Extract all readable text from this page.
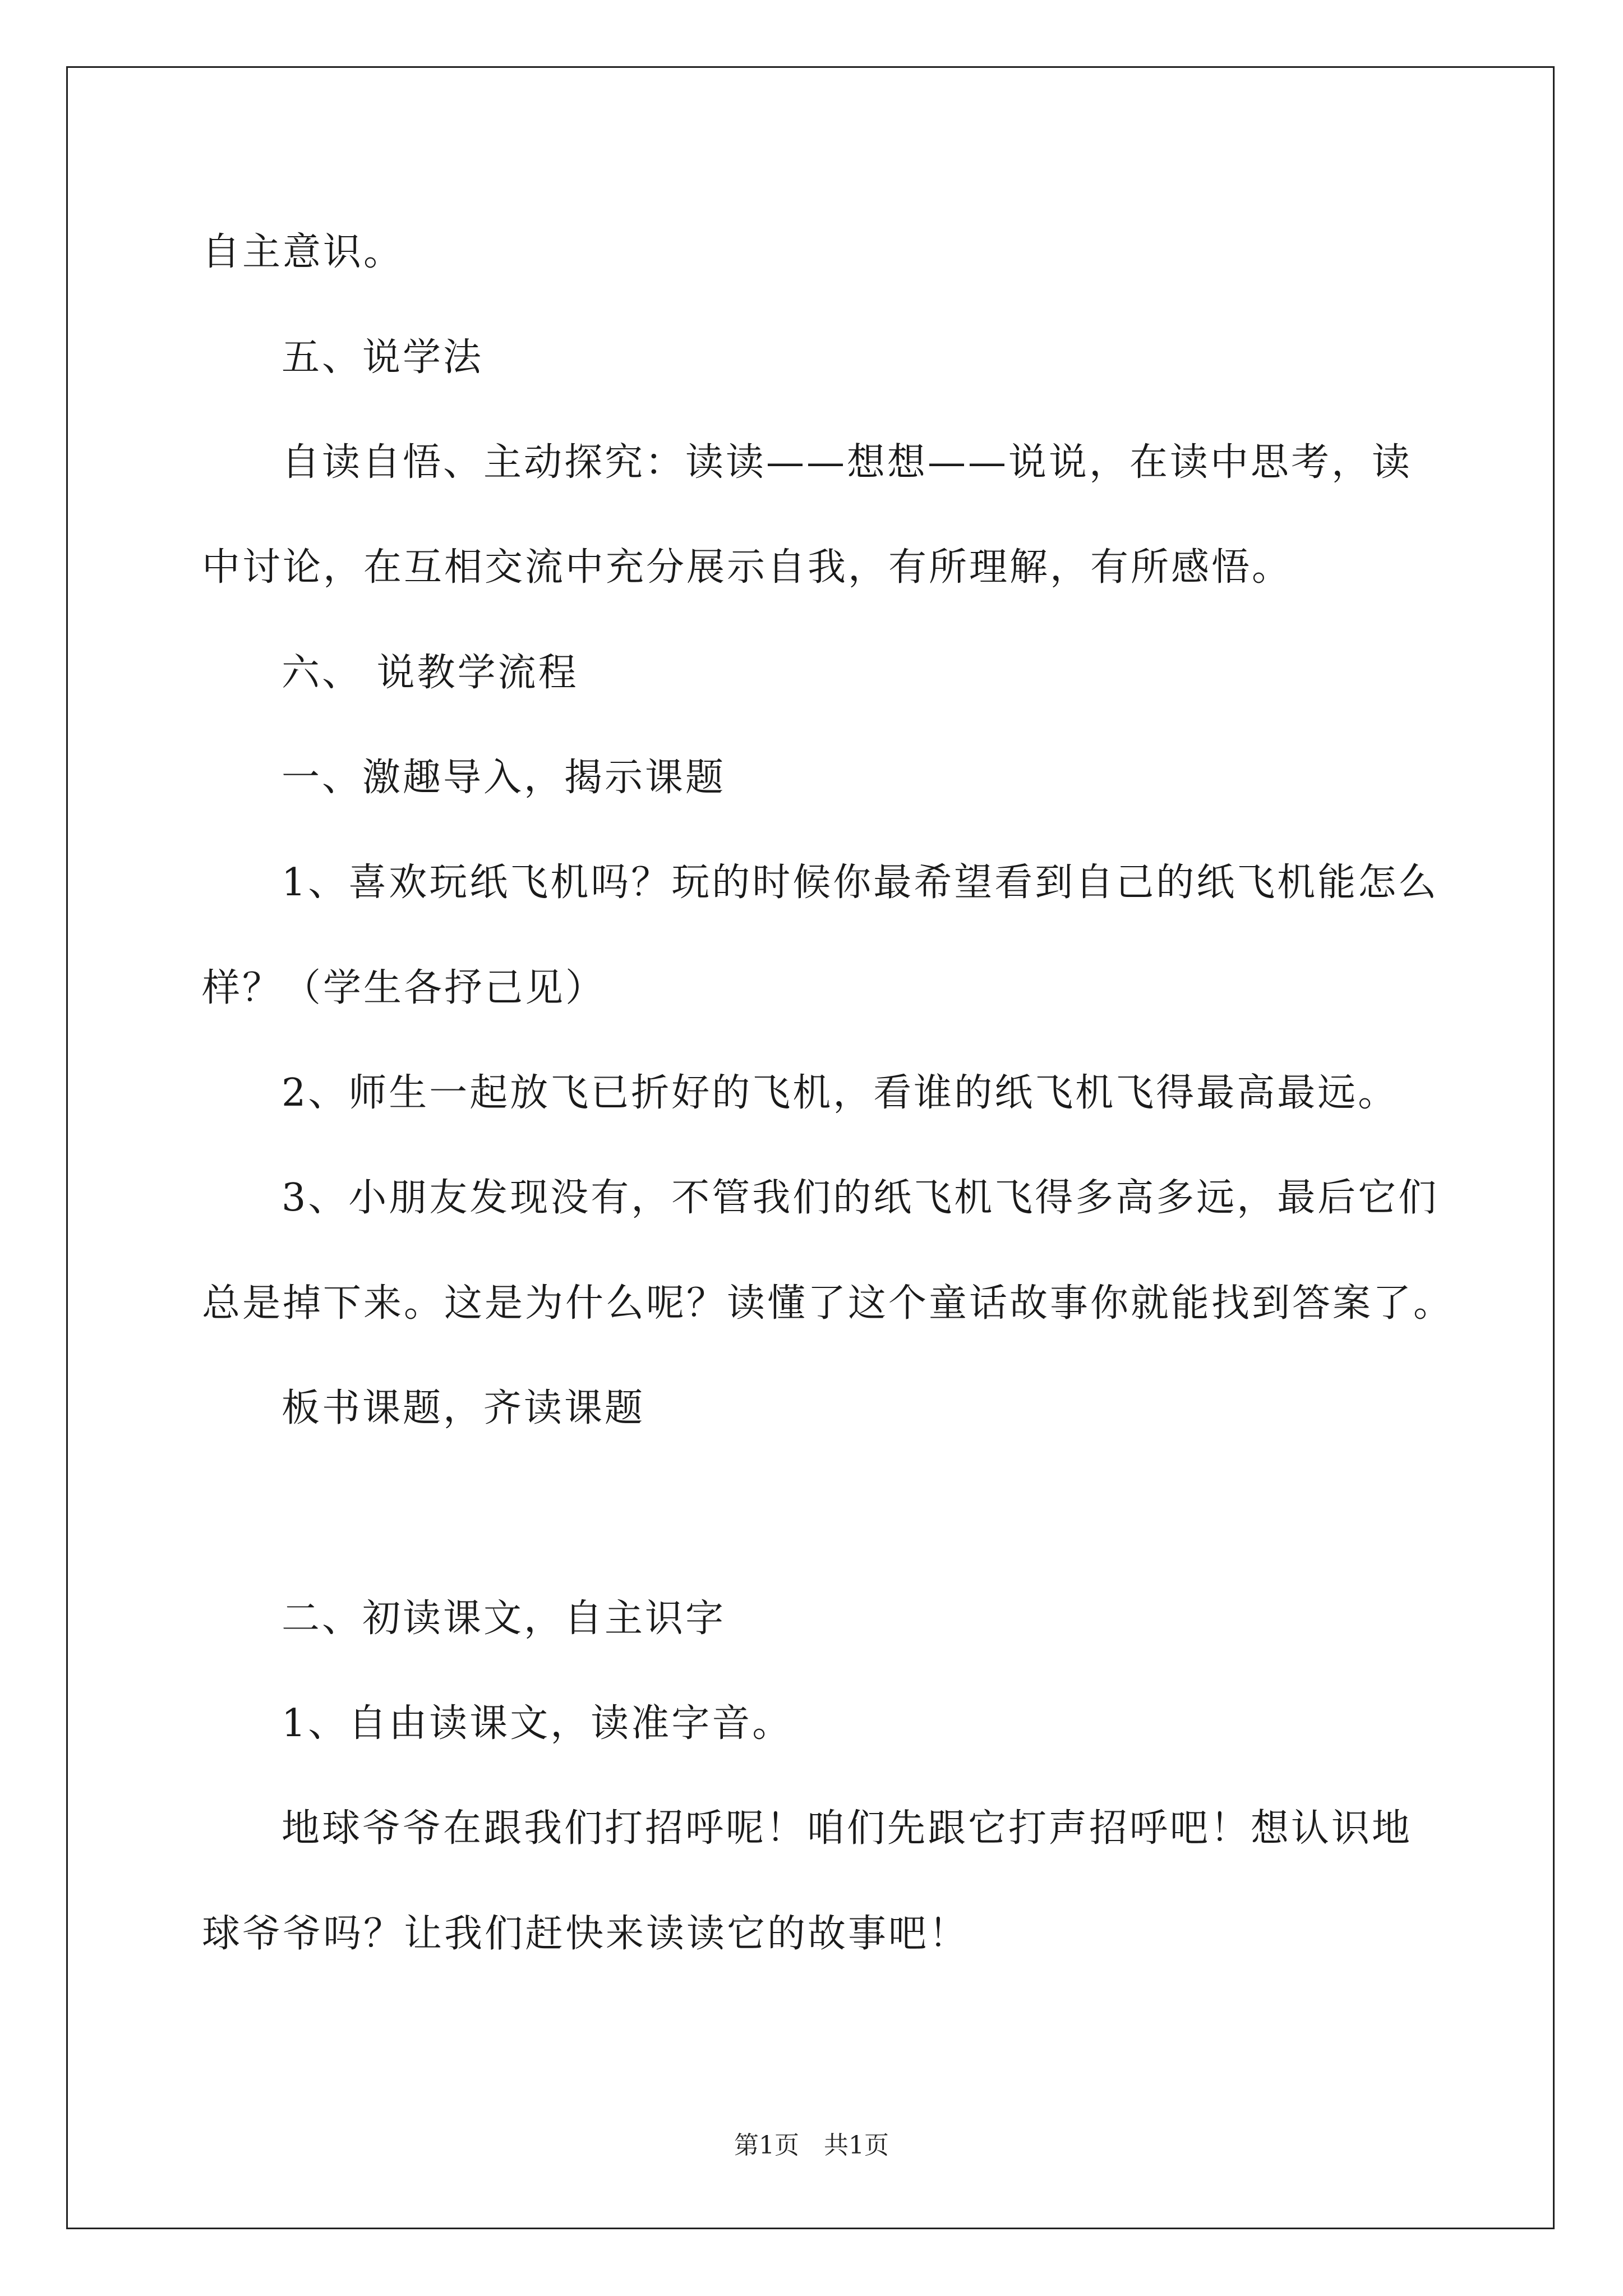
自主意识。
五、说学法
自读自悟、主动探究：读读——想想——说说，在读中思考，读
中讨论，在互相交流中充分展示自我，有所理解，有所感悟。
六、 说教学流程
一、激趣导入，揭示课题
1、喜欢玩纸飞机吗？玩的时候你最希望看到自己的纸飞机能怎么
样？（学生各抒己见）
2、师生一起放飞已折好的飞机，看谁的纸飞机飞得最高最远。
3、小朋友发现没有，不管我们的纸飞机飞得多高多远，最后它们
总是掉下来。这是为什么呢？读懂了这个童话故事你就能找到答案了。
板书课题，齐读课题
二、初读课文，自主识字
1、自由读课文，读准字音。
地球爷爷在跟我们打招呼呢！咱们先跟它打声招呼吧！想认识地
球爷爷吗？让我们赶快来读读它的故事吧！
第1页　共1页
